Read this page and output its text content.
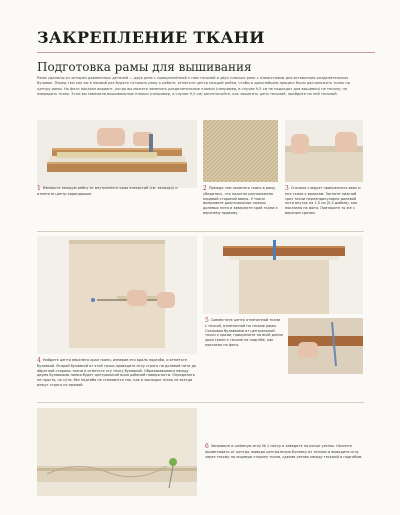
ЗАКРЕПЛЕНИЕ ТКАНИ
Подготовка рамы для вышивания
Рамы сделаны из четырёх деревянных деталей — двух реек с прикреплённой к ним тесьмой и двух плоских реек с отверстиями для вставления разделительных булавок. Перед тем как вы в первый раз будете готовить раму к работе, отметьте центр каждой рейки, чтобы в дальнейшем процесс было расположить ткань по центру рамы. На фото показан вариант, когда вы можете заменить разделительные планки (например, в случае 9,5 см не подходят для вышивки) на тесьму; не повредить ткань. Если вы заменили вышивальные планки (например, в случае 9,5 см) распечатайте, как защитить цепь тесьмой, пройдите по ней тесьмой.
1 Измерьте каждую рейку от внутреннего края отверстий (см. вкладку) и отметьте центр карандашом.
2 Прежде чем запинать ткань в раму, убедитесь, что полотно расположено лицевой стороной вверх. У ткани выпрямите диагональные полосы долевых нити и заверните край ткани к верхнему правому.
3 Сначала следует прикреплять верх и низ ткани к валикам. Загните нижний срез ткани перпендикулярно долевой нити внутрь на 1,5 см (0,5 дюйма), как показано на фото. Повторите то же с верхним срезом.
5 Совместите центр отмеченной ткани с точкой, отмеченной на тесьме рамы. Скалывая булавками от центральной точки к краям, прикрепите по всей длине края ткани к тесьме на подгибе, как показано на фото.
4 Найдите центр верхнего края ткани, измерив его вдоль подгиба, и отметьте булавкой. Второй булавкой от этой точки проведите иглу строго по долевой нити до обратной стороны ткани и отметьте эту точку булавкой. Образовавшаяся между двумя булавками линия будет центральной осью рабочей поверхности. Определить не просто, по сути, без подгиба не становится так, как в закладке ткань не всегда режут строго по прямой.
6 Заправьте в шнёвную иглу № 1 нитку и заведите на конце узелок. Начните прометывать от центра, выводя центральную булавку из тесьмы и выводите иглу через тесьму на лицевую сторону ткани, сделав узелок между тесьмой и подгибом.
